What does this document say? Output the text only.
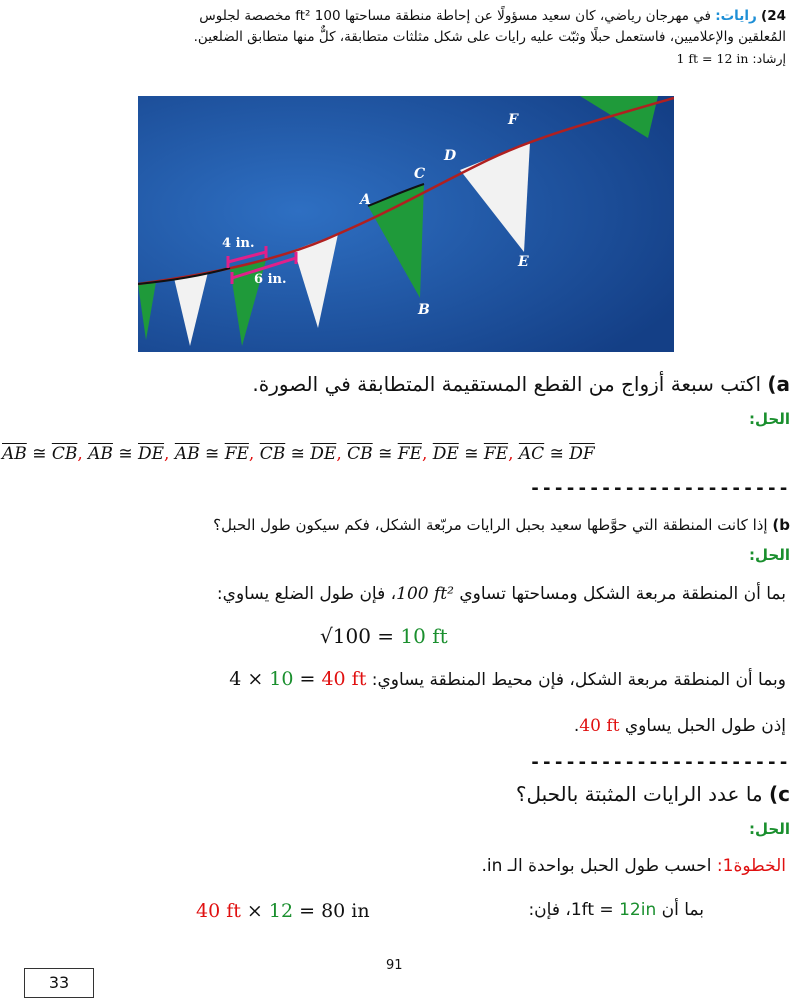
24) رايات: في مهرجان رياضي، كان سعيد مسؤولًا عن إحاطة منطقة مساحتها 100 ft² مخصصة لجلوس
المُعلقين والإعلاميين، فاستعمل حبلًا وثبّت عليه رايات على شكل مثلثات متطابقة، كلٌّ منها متطابق الضلعين.
إرشاد: 1 ft = 12 in
4 in.
6 in.
A
B
C
D
E
F
a) اكتب سبعة أزواج من القطع المستقيمة المتطابقة في الصورة.
الحل:
$\overline{AB}$ ≅ $\overline{CB}$, $\overline{AB}$ ≅ $\overline{DE}$, $\overline{AB}$ ≅ $\overline{FE}$, $\overline{CB}$ ≅ $\overline{DE}$, $\overline{CB}$ ≅ $\overline{FE}$, $\overline{DE}$ ≅ $\overline{FE}$, $\overline{AC}$ ≅ $\overline{DF}$
----------------------
b) إذا كانت المنطقة التي حوَّطها سعيد بحبل الرايات مربّعة الشكل، فكم سيكون طول الحبل؟
الحل:
بما أن المنطقة مربعة الشكل ومساحتها تساوي 100 ft²، فإن طول الضلع يساوي:
√100 = 10 ft
وبما أن المنطقة مربعة الشكل، فإن محيط المنطقة يساوي: 4 × 10 = 40 ft
إذن طول الحبل يساوي 40 ft.
----------------------
c) ما عدد الرايات المثبتة بالحبل؟
الحل:
الخطوة1: احسب طول الحبل بواحدة الـ in.
بما أن 1ft = 12in، فإن:
40 ft × 12 = 80 in
91
33
